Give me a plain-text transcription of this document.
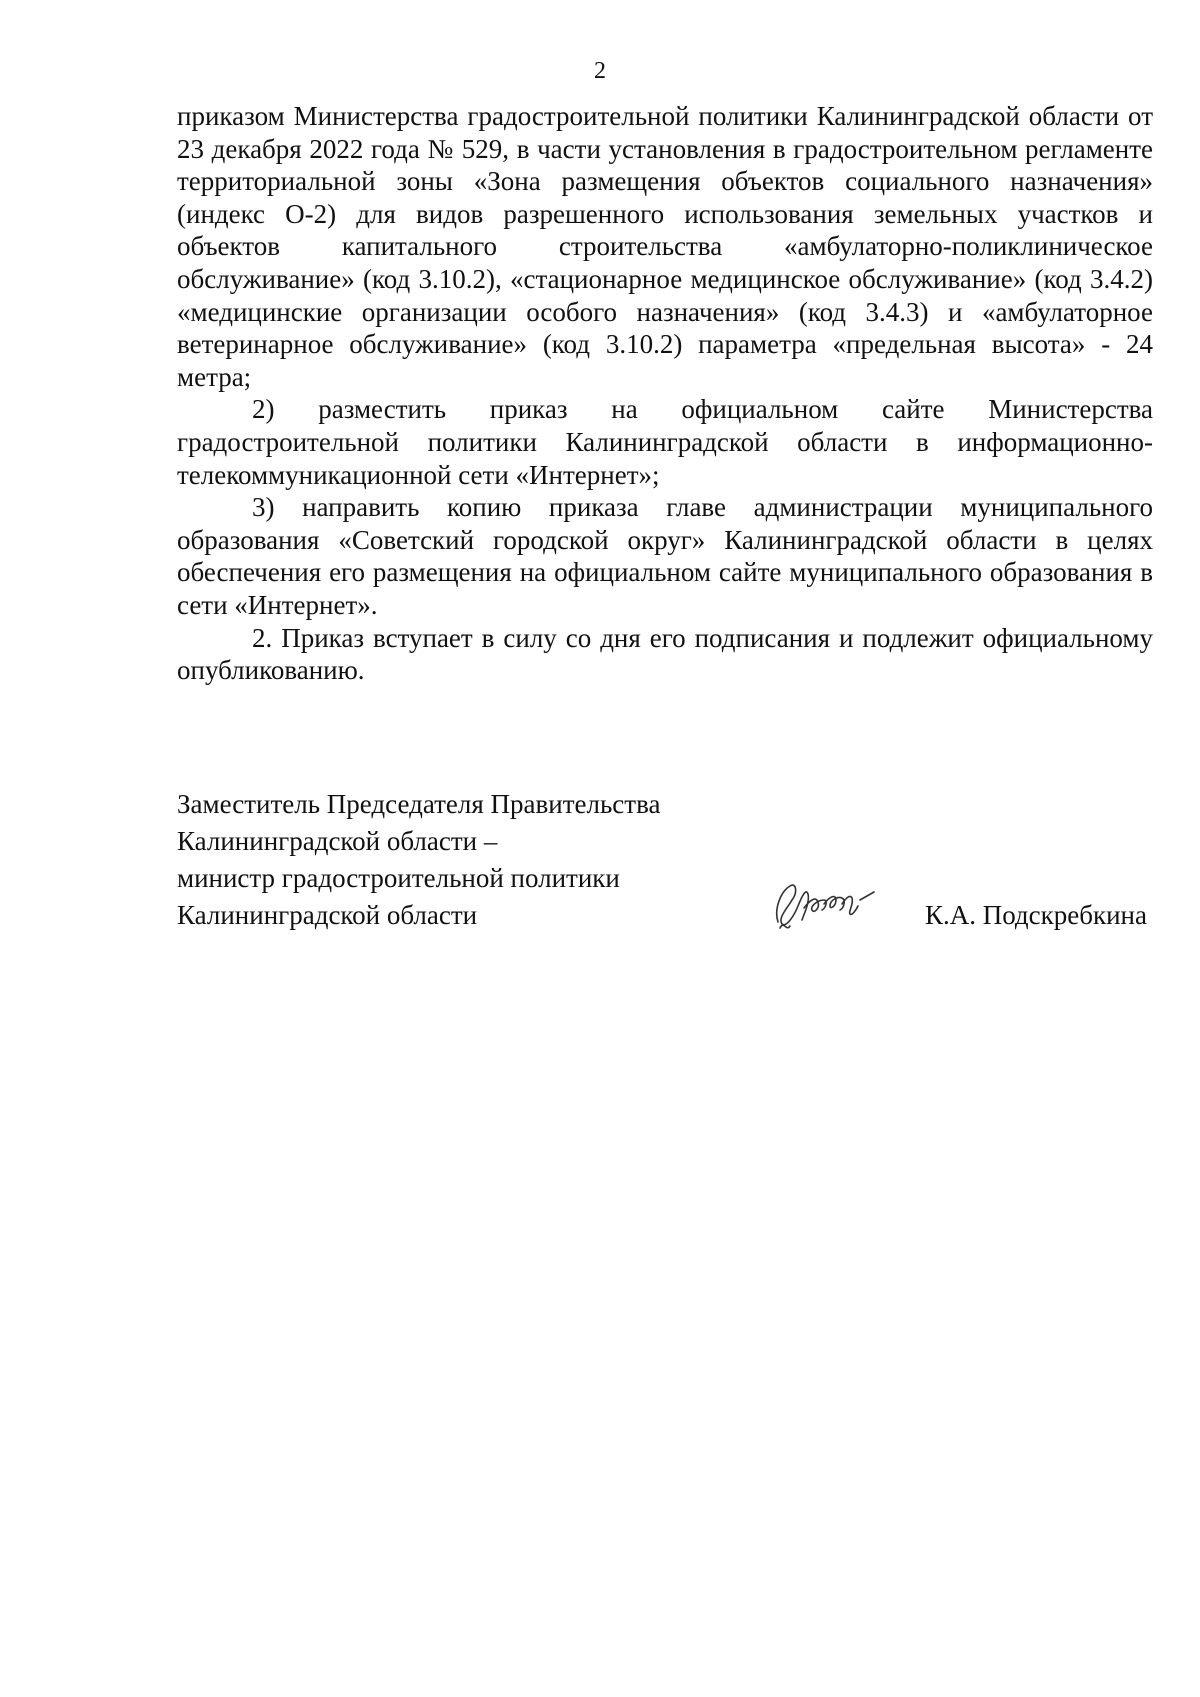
2

приказом Министерства градостроительной политики Калининградской области от 23 декабря 2022 года № 529, в части установления в градостроительном регламенте территориальной зоны «Зона размещения объектов социального назначения» (индекс О-2) для видов разрешенного использования земельных участков и объектов капитального строительства «амбулаторно-поликлиническое обслуживание» (код 3.10.2), «стационарное медицинское обслуживание» (код 3.4.2) «медицинские организации особого назначения» (код 3.4.3) и «амбулаторное ветеринарное обслуживание» (код 3.10.2) параметра «предельная высота» - 24 метра;

2) разместить приказ на официальном сайте Министерства градостроительной политики Калининградской области в информационно-телекоммуникационной сети «Интернет»;

3) направить копию приказа главе администрации муниципального образования «Советский городской округ» Калининградской области в целях обеспечения его размещения на официальном сайте муниципального образования в сети «Интернет».

2. Приказ вступает в силу со дня его подписания и подлежит официальному опубликованию.

Заместитель Председателя Правительства
Калининградской области –
министр градостроительной политики
Калининградской области	К.А. Подскребкина
